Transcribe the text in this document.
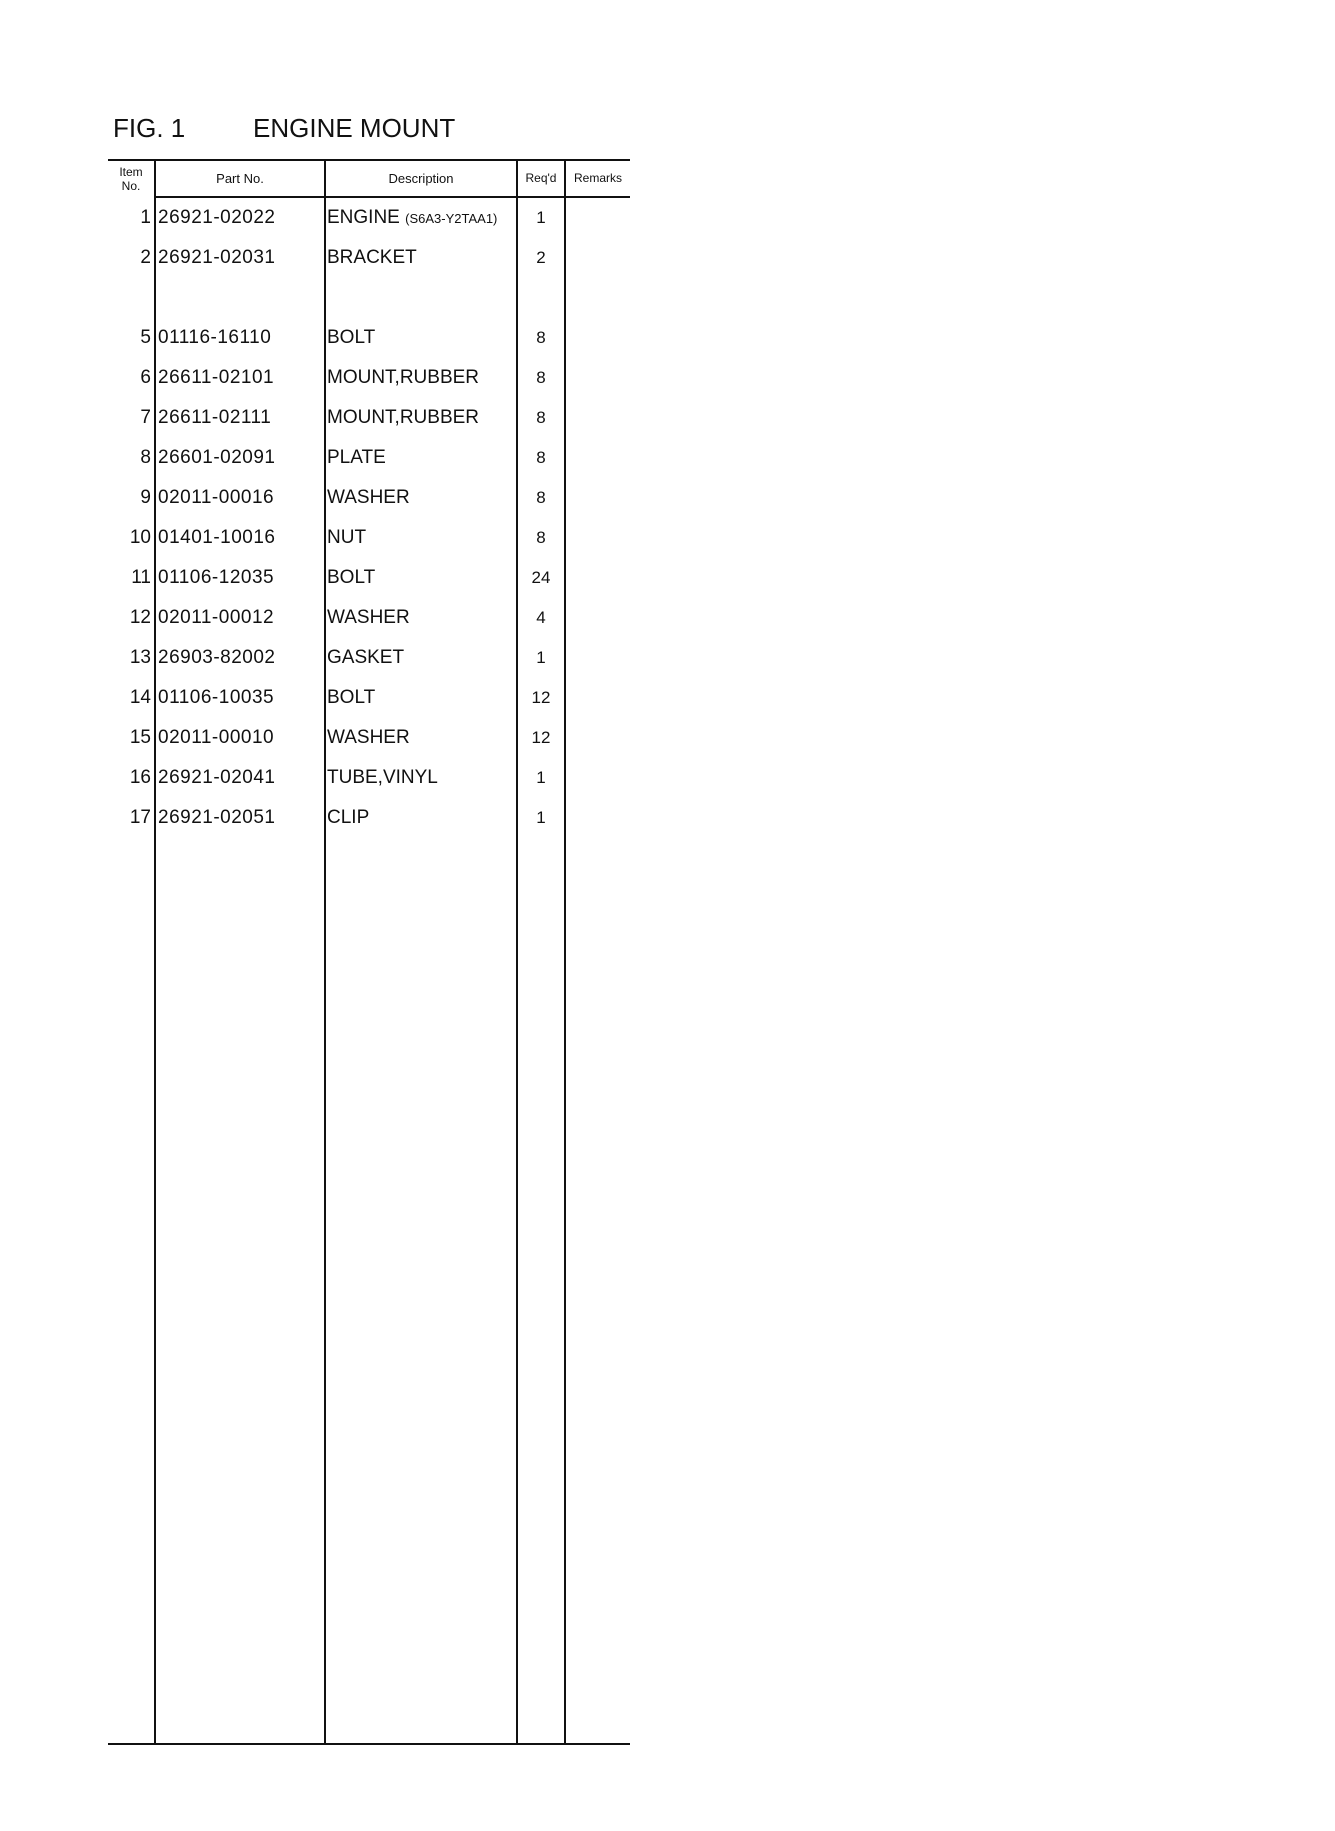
FIG. 1	ENGINE MOUNT
Item
No.	Part No.	Description	Req'd	Remarks
1 26921-02022	ENGINE (S6A3-Y2TAA1)	1
2 26921-02031	BRACKET	2
5 01116-16110	BOLT	8
6 26611-02101	MOUNT,RUBBER	8
7 26611-02111	MOUNT,RUBBER	8
8 26601-02091	PLATE	8
9 02011-00016	WASHER	8
10 01401-10016	NUT	8
11 01106-12035	BOLT	24
12 02011-00012	WASHER	4
13 26903-82002	GASKET	1
14 01106-10035	BOLT	12
15 02011-00010	WASHER	12
16 26921-02041	TUBE,VINYL	1
17 26921-02051	CLIP	1
